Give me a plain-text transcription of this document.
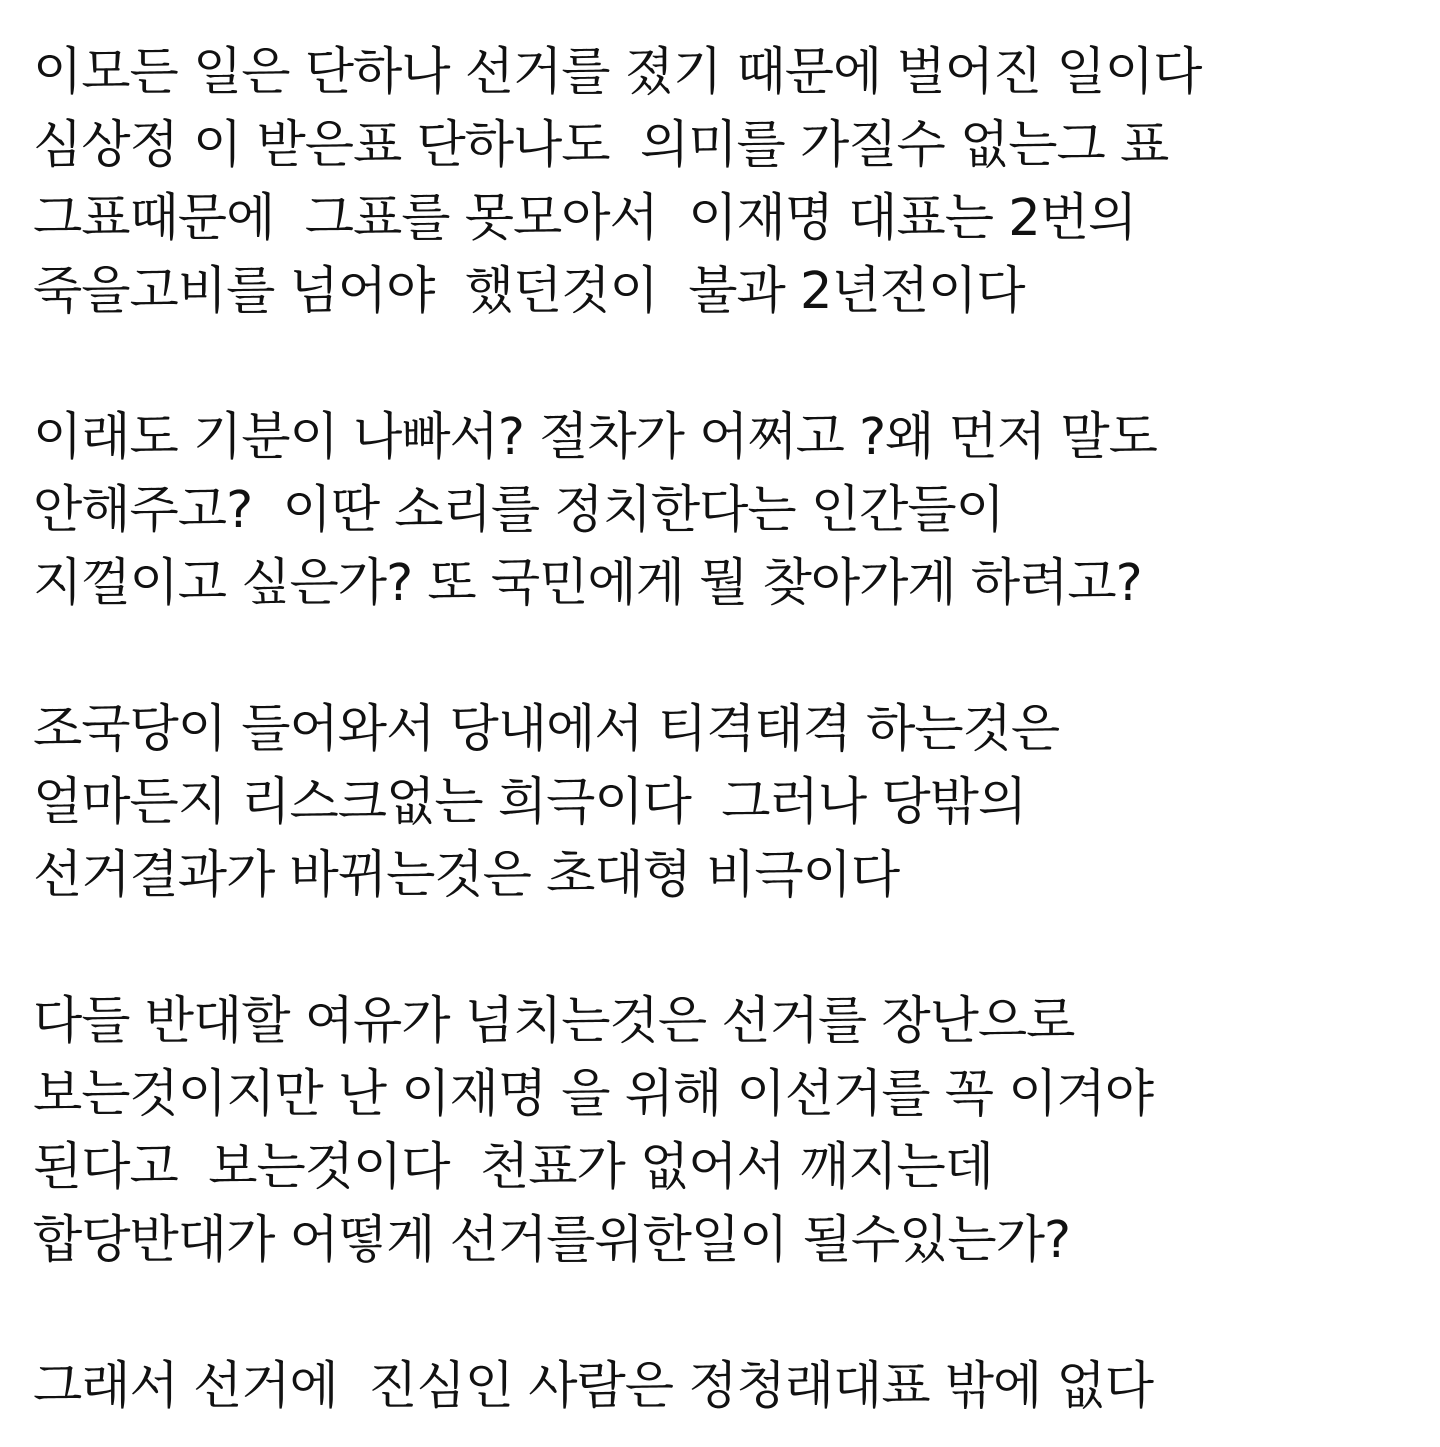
이모든 일은 단하나 선거를 졌기 때문에 벌어진 일이다
심상정 이 받은표 단하나도  의미를 가질수 없는그 표
그표때문에  그표를 못모아서  이재명 대표는 2번의
죽을고비를 넘어야  했던것이  불과 2년전이다
이래도 기분이 나빠서? 절차가 어쩌고 ?왜 먼저 말도
안해주고?  이딴 소리를 정치한다는 인간들이
지껄이고 싶은가? 또 국민에게 뭘 찾아가게 하려고?
조국당이 들어와서 당내에서 티격태격 하는것은
얼마든지 리스크없는 희극이다  그러나 당밖의
선거결과가 바뀌는것은 초대형 비극이다
다들 반대할 여유가 넘치는것은 선거를 장난으로
보는것이지만 난 이재명 을 위해 이선거를 꼭 이겨야
된다고  보는것이다  천표가 없어서 깨지는데
합당반대가 어떻게 선거를위한일이 될수있는가?
그래서 선거에  진심인 사람은 정청래대표 밖에 없다
